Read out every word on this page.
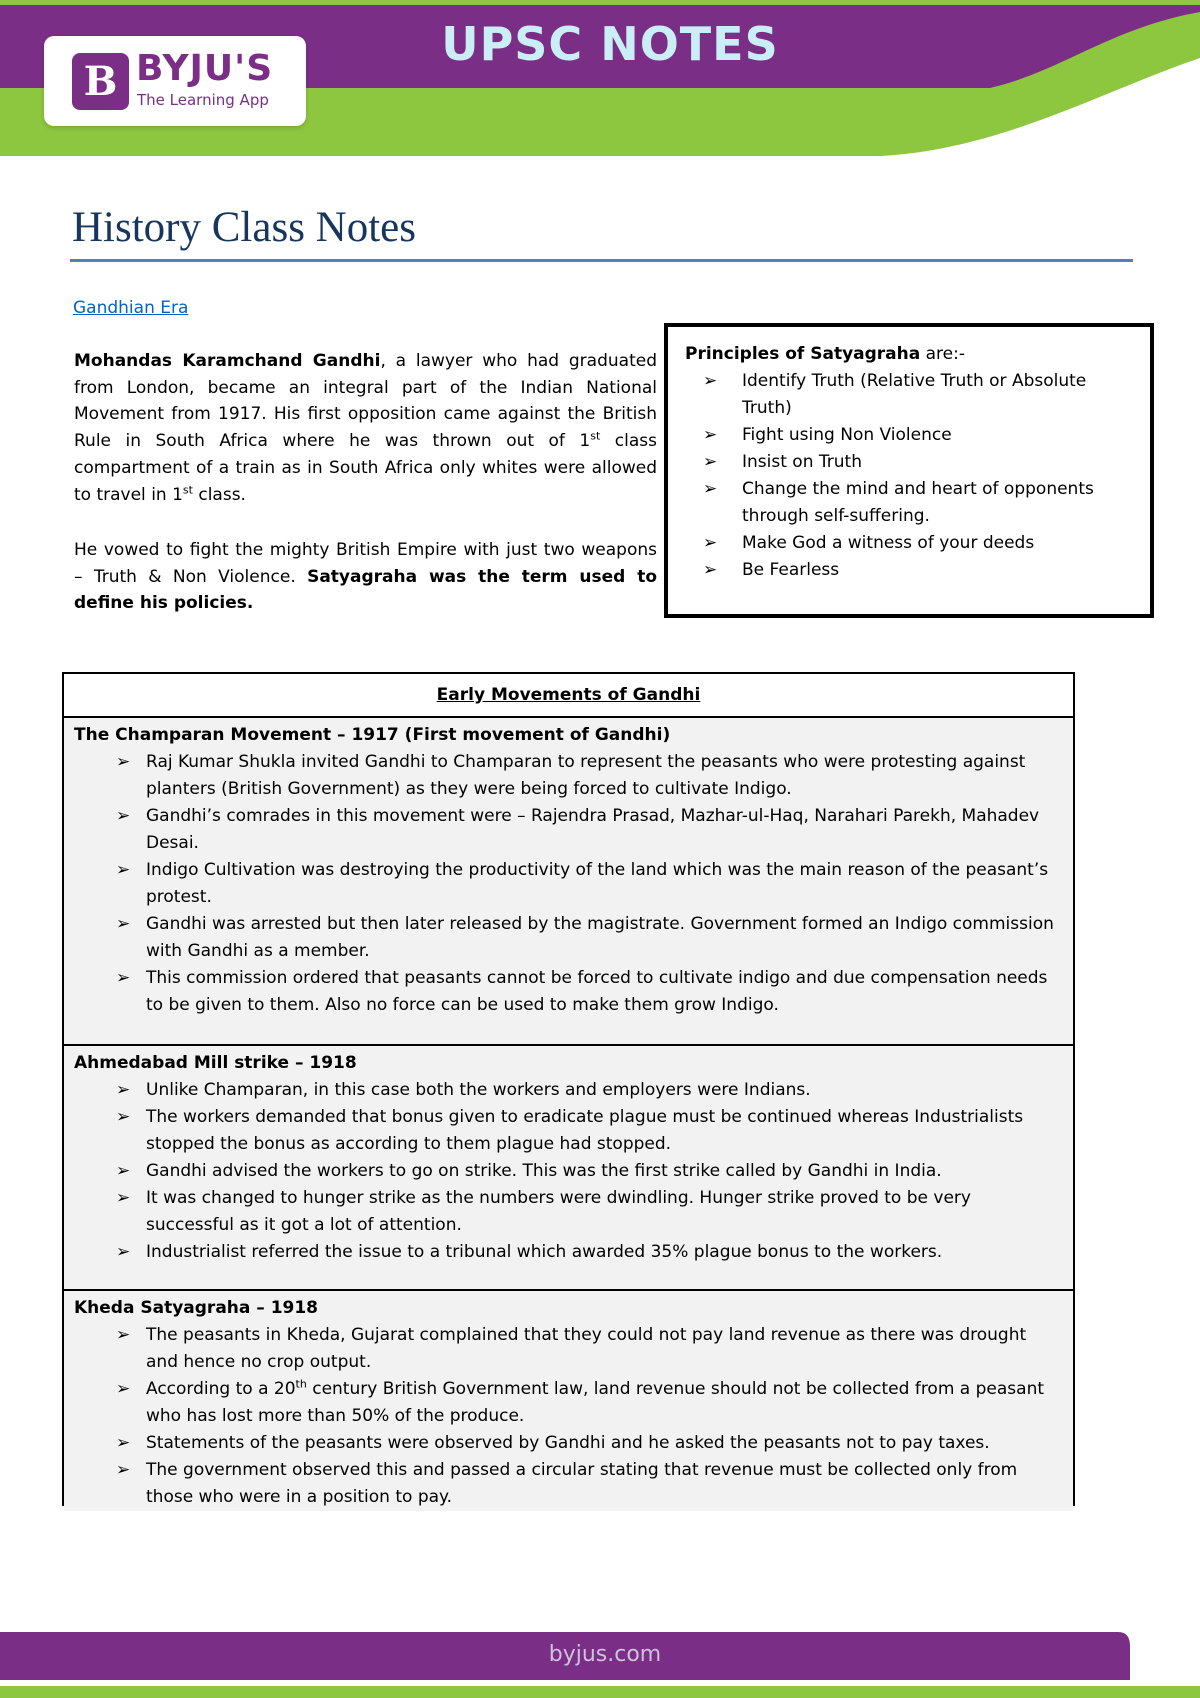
B BYJU'S
The Learning App
UPSC NOTES
History Class Notes
Gandhian Era

Mohandas Karamchand Gandhi, a lawyer who had graduated from London, became an integral part of the Indian National Movement from 1917. His first opposition came against the British Rule in South Africa where he was thrown out of 1st class compartment of a train as in South Africa only whites were allowed to travel in 1st class.

He vowed to fight the mighty British Empire with just two weapons – Truth & Non Violence. Satyagraha was the term used to define his policies.

Principles of Satyagraha are:-
➢ Identify Truth (Relative Truth or Absolute Truth)
➢ Fight using Non Violence
➢ Insist on Truth
➢ Change the mind and heart of opponents through self-suffering.
➢ Make God a witness of your deeds
➢ Be Fearless
Early Movements of Gandhi
The Champaran Movement – 1917 (First movement of Gandhi)
➢ Raj Kumar Shukla invited Gandhi to Champaran to represent the peasants who were protesting against planters (British Government) as they were being forced to cultivate Indigo.
➢ Gandhi’s comrades in this movement were – Rajendra Prasad, Mazhar-ul-Haq, Narahari Parekh, Mahadev Desai.
➢ Indigo Cultivation was destroying the productivity of the land which was the main reason of the peasant’s protest.
➢ Gandhi was arrested but then later released by the magistrate. Government formed an Indigo commission with Gandhi as a member.
➢ This commission ordered that peasants cannot be forced to cultivate indigo and due compensation needs to be given to them. Also no force can be used to make them grow Indigo.
Ahmedabad Mill strike – 1918
➢ Unlike Champaran, in this case both the workers and employers were Indians.
➢ The workers demanded that bonus given to eradicate plague must be continued whereas Industrialists stopped the bonus as according to them plague had stopped.
➢ Gandhi advised the workers to go on strike. This was the first strike called by Gandhi in India.
➢ It was changed to hunger strike as the numbers were dwindling. Hunger strike proved to be very successful as it got a lot of attention.
➢ Industrialist referred the issue to a tribunal which awarded 35% plague bonus to the workers.
Kheda Satyagraha – 1918
➢ The peasants in Kheda, Gujarat complained that they could not pay land revenue as there was drought and hence no crop output.
➢ According to a 20th century British Government law, land revenue should not be collected from a peasant who has lost more than 50% of the produce.
➢ Statements of the peasants were observed by Gandhi and he asked the peasants not to pay taxes.
➢ The government observed this and passed a circular stating that revenue must be collected only from those who were in a position to pay.
byjus.com
